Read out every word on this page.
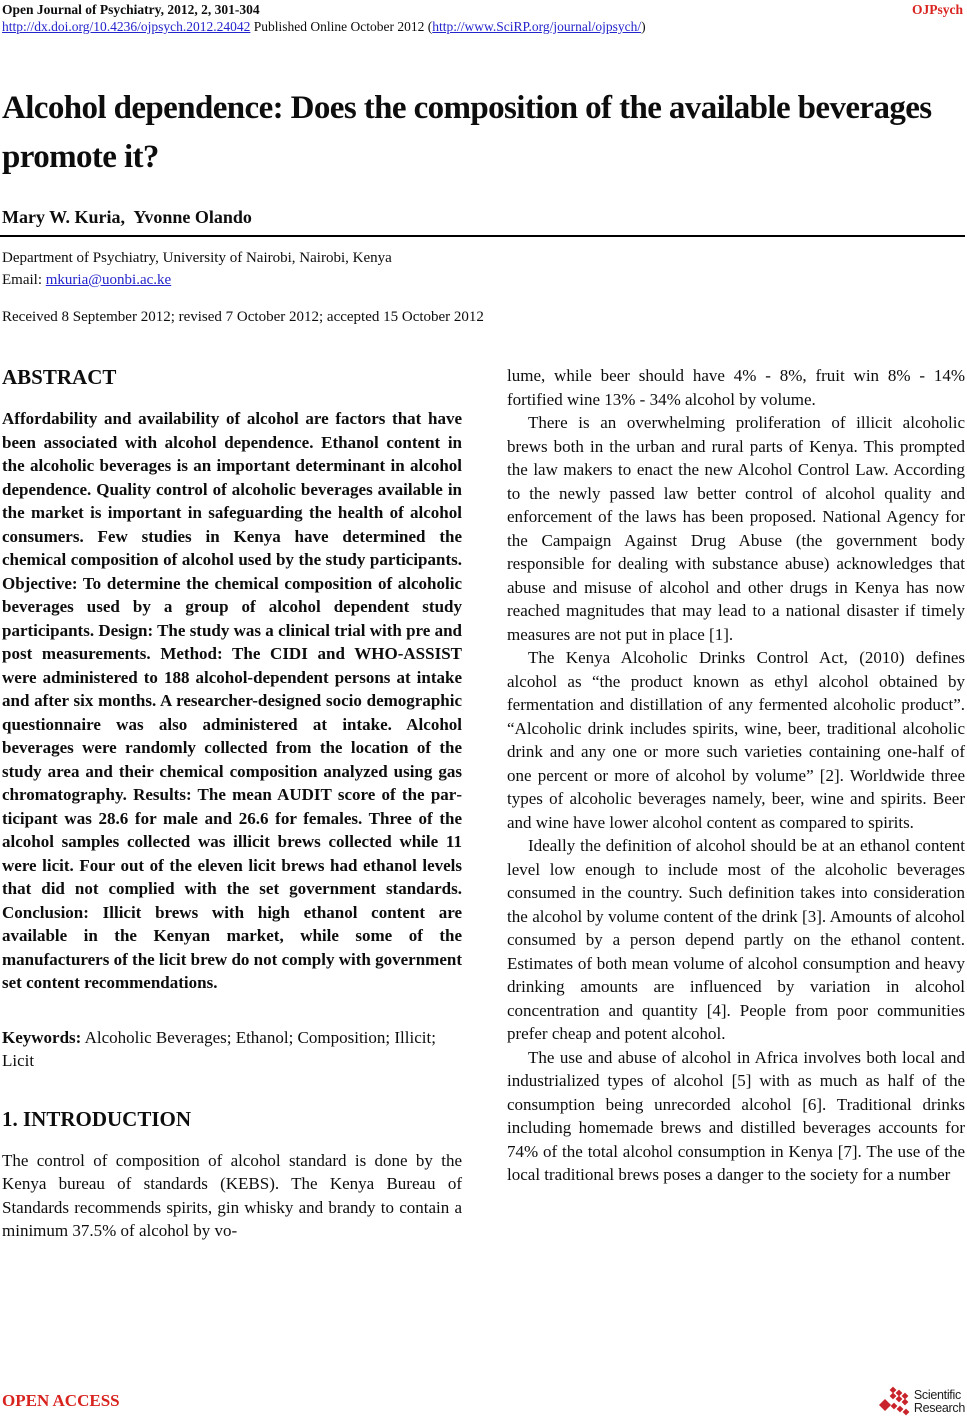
Open Journal of Psychiatry, 2012, 2, 301-304	OJPsych
http://dx.doi.org/10.4236/ojpsych.2012.24042 Published Online October 2012 (http://www.SciRP.org/journal/ojpsych/)
Alcohol dependence: Does the composition of the available beverages promote it?
Mary W. Kuria,  Yvonne Olando
Department of Psychiatry, University of Nairobi, Nairobi, Kenya
Email: mkuria@uonbi.ac.ke
Received 8 September 2012; revised 7 October 2012; accepted 15 October 2012
ABSTRACT

Affordability and availability of alcohol are factors that have been associated with alcohol dependence. Ethanol content in the alcoholic beverages is an important determinant in alcohol dependence. Quality control of alcoholic beverages available in the market is important in safeguarding the health of alcohol consumers. Few studies in Kenya have determined the chemical composition of alcohol used by the study participants. Objective: To determine the chemical composition of alcoholic beverages used by a group of alcohol dependent study participants. Design: The study was a clinical trial with pre and post measurements. Method: The CIDI and WHO-ASSIST were administered to 188 alcohol-dependent persons at intake and after six months. A researcher-designed socio demographic questionnaire was also administered at intake. Alcohol beverages were randomly collected from the location of the study area and their chemical composition analyzed using gas chromatography. Results: The mean AUDIT score of the participant was 28.6 for male and 26.6 for females. Three of the alcohol samples collected was illicit brews collected while 11 were licit. Four out of the eleven licit brews had ethanol levels that did not complied with the set government standards. Conclusion: Illicit brews with high ethanol content are available in the Kenyan market, while some of the manufacturers of the licit brew do not comply with government set content recommendations.

Keywords: Alcoholic Beverages; Ethanol; Composition; Illicit; Licit

1. INTRODUCTION

The control of composition of alcohol standard is done by the Kenya bureau of standards (KEBS). The Kenya Bureau of Standards recommends spirits, gin whisky and brandy to contain a minimum 37.5% of alcohol by vo-

lume, while beer should have 4% - 8%, fruit win 8% - 14% fortified wine 13% - 34% alcohol by volume.

There is an overwhelming proliferation of illicit alcoholic brews both in the urban and rural parts of Kenya. This prompted the law makers to enact the new Alcohol Control Law. According to the newly passed law better control of alcohol quality and enforcement of the laws has been proposed. National Agency for the Campaign Against Drug Abuse (the government body responsible for dealing with substance abuse) acknowledges that abuse and misuse of alcohol and other drugs in Kenya has now reached magnitudes that may lead to a national disaster if timely measures are not put in place [1].

The Kenya Alcoholic Drinks Control Act, (2010) defines alcohol as “the product known as ethyl alcohol obtained by fermentation and distillation of any fermented alcoholic product”. “Alcoholic drink includes spirits, wine, beer, traditional alcoholic drink and any one or more such varieties containing one-half of one percent or more of alcohol by volume” [2]. Worldwide three types of alcoholic beverages namely, beer, wine and spirits. Beer and wine have lower alcohol content as compared to spirits.

Ideally the definition of alcohol should be at an ethanol content level low enough to include most of the alcoholic beverages consumed in the country. Such definition takes into consideration the alcohol by volume content of the drink [3]. Amounts of alcohol consumed by a person depend partly on the ethanol content. Estimates of both mean volume of alcohol consumption and heavy drinking amounts are influenced by variation in alcohol concentration and quantity [4]. People from poor communities prefer cheap and potent alcohol.

The use and abuse of alcohol in Africa involves both local and industrialized types of alcohol [5] with as much as half of the consumption being unrecorded alcohol [6]. Traditional drinks including homemade brews and distilled beverages accounts for 74% of the total alcohol consumption in Kenya [7]. The use of the local traditional brews poses a danger to the society for a number

OPEN ACCESS	Scientific
Research
